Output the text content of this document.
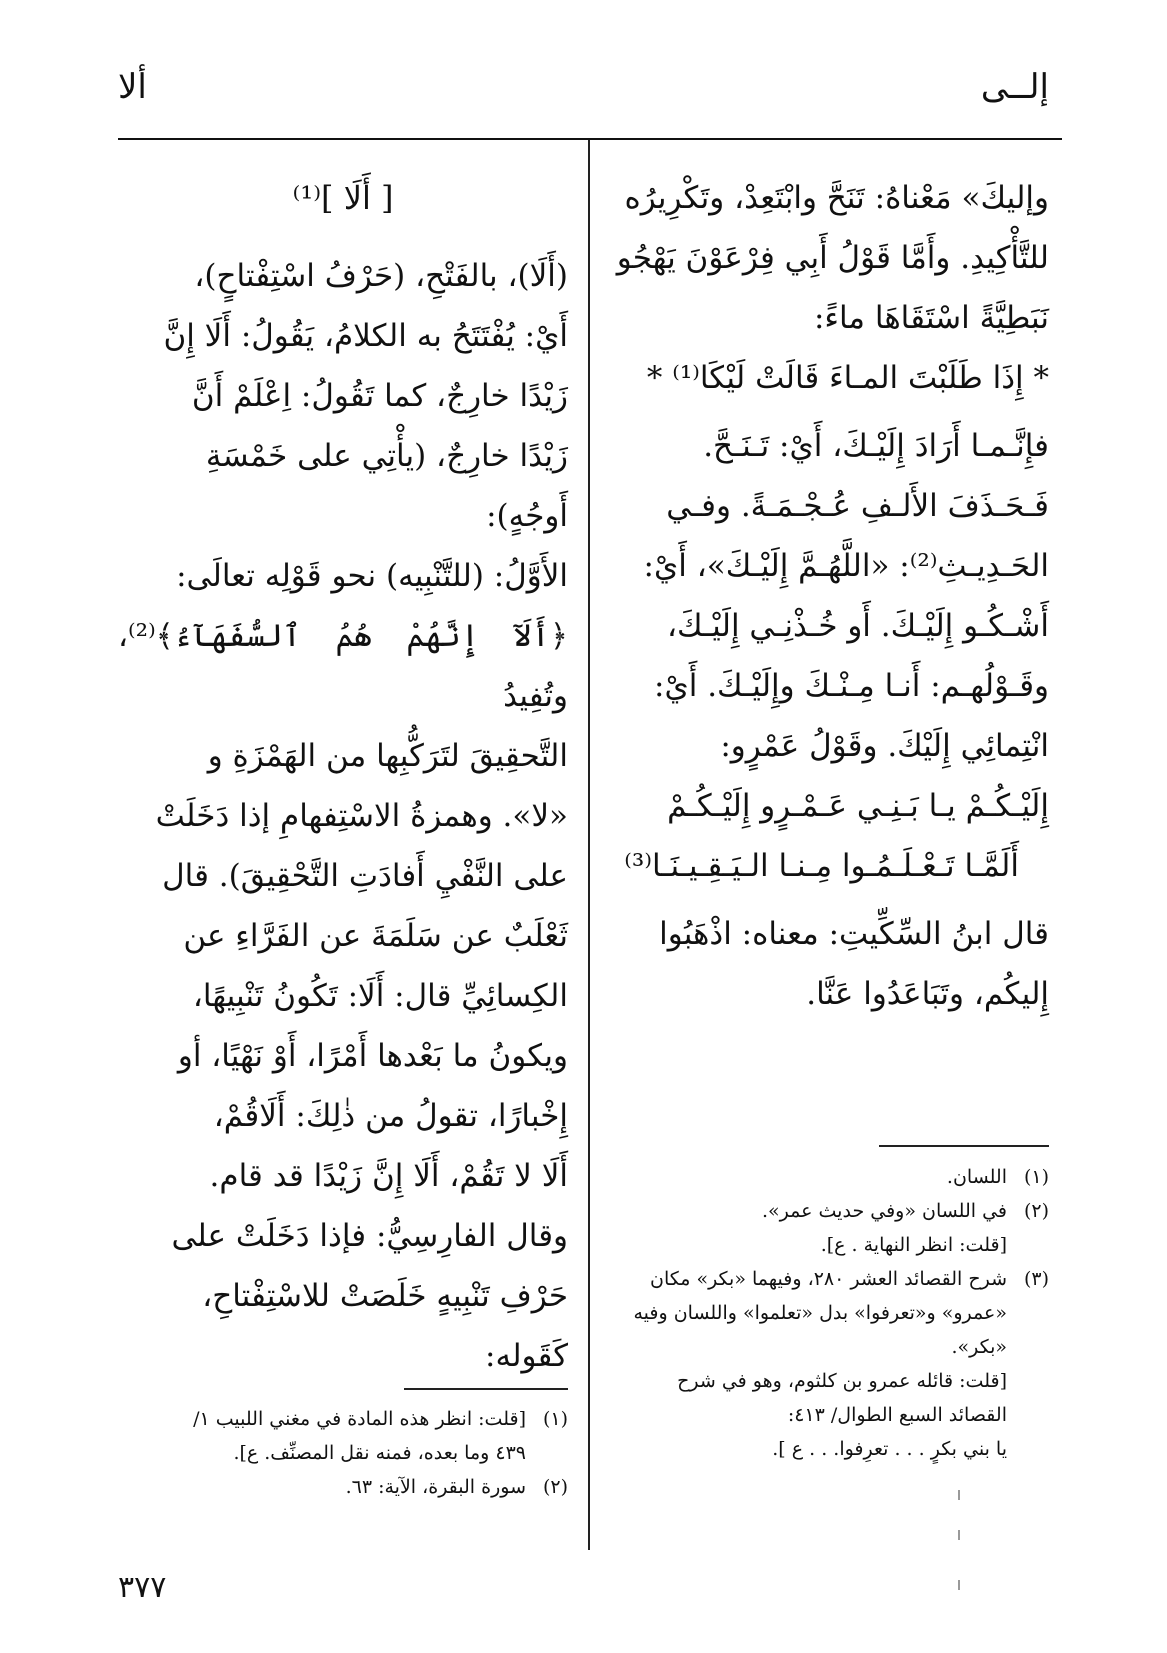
إلــى
ألا

وإليكَ» مَعْناهُ: تَنَحَّ وابْتَعِدْ، وتَكْرِيرُه

للتَّأْكِيدِ. وأَمَّا قَوْلُ أَبِي فِرْعَوْنَ يَهْجُو

نَبَطِيَّةً اسْتَقَاهَا ماءً:

* إِذَا طَلَبْتَ المـاءَ قَالَتْ لَيْكَا⁽¹⁾ *

فإِنَّـمـا أَرَادَ إِلَيْـكَ، أَيْ: تَـنَـحَّ.

فَـحَـذَفَ الأَلـفِ عُـجْـمَـةً. وفـي

الحَـدِيـثِ⁽²⁾: «اللَّهُـمَّ إِلَيْـكَ»، أَيْ:

أَشْـكُـو إِلَيْـكَ. أَو خُـذْنِـي إِلَيْـكَ،

وقَـوْلُهـم: أَنـا مِـنْـكَ وإِلَيْـكَ. أَيْ:

انْتِمائِي إِلَيْكَ. وقَوْلُ عَمْرٍو:

إِلَيْـكُـمْ يـا بَـنِـي عَـمْـرٍو إِلَيْـكُـمْ

أَلَمَّـا تَـعْـلَـمُـوا مِـنـا الـيَـقِـيـنَـا⁽³⁾

قال ابنُ السِّكِّيتِ: معناه: اذْهَبُوا

إِليكُم، وتَبَاعَدُوا عَنَّا.

[ أَلَا ]⁽¹⁾

(أَلَا)، بالفَتْحِ، (حَرْفُ اسْتِفْتاحٍ)،

أَيْ: يُفْتَتَحُ به الكلامُ، يَقُولُ: أَلَا إِنَّ

زَيْدًا خارِجٌ، كما تَقُولُ: اِعْلَمْ أَنَّ

زَيْدًا خارِجٌ، (يأْتِي على خَمْسَةِ

أَوجُهٍ):

الأَوَّلُ: (للتَّنْبِيه) نحو قَوْلِه تعالَى:

﴿أَلَآ إِنَّهُمْ هُمُ ٱلسُّفَهَآءُ﴾⁽²⁾، وتُفِيدُ

التَّحقِيقَ لتَرَكُّبِها من الهَمْزَةِ و

«لا». وهمزةُ الاسْتِفهامِ إذا دَخَلَتْ

على النَّفْيِ أَفادَتِ التَّحْقِيقَ). قال

ثَعْلَبٌ عن سَلَمَةَ عن الفَرَّاءِ عن

الكِسائِيِّ قال: أَلَا: تَكُونُ تَنْبِيهًا،

ويكونُ ما بَعْدها أَمْرًا، أَوْ نَهْيًا، أو

إِخْبارًا، تقولُ من ذٰلِكَ: أَلَاقُمْ،

أَلَا لا تَقُمْ، أَلَا إِنَّ زَيْدًا قد قام.

وقال الفارِسِيُّ: فإذا دَخَلَتْ على

حَرْفِ تَنْبِيهٍ خَلَصَتْ للاسْتِفْتاحِ،

كَقَوله:

(١)اللسان.

(٢)في اللسان «وفي حديث عمر».

[قلت: انظر النهاية . ع].

(٣)شرح القصائد العشر ٢٨٠، وفيهما «بكر» مكان

«عمرو» و«تعرفوا» بدل «تعلموا» واللسان وفيه

«بكر».

[قلت: قائله عمرو بن كلثوم، وهو في شرح

القصائد السبع الطوال/ ٤١٣:

يا بني بكرٍ . . . تعرِفوا. . . ع ].

(١)[قلت: انظر هذه المادة في مغني اللبيب ١/

٤٣٩ وما بعده، فمنه نقل المصنِّف. ع].

(٢)سورة البقرة، الآية: ٦٣.

٣٧٧
